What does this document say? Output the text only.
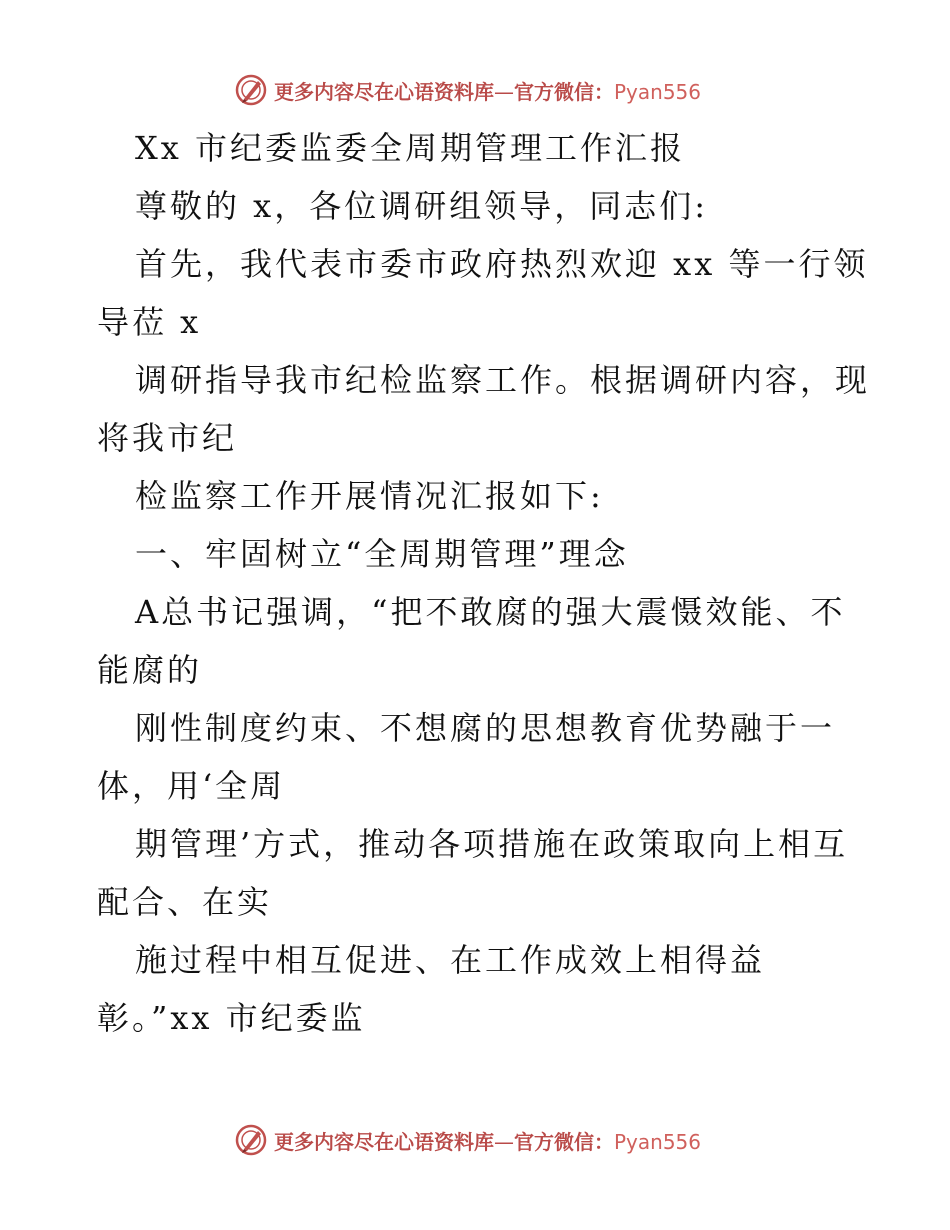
更多内容尽在心语资料库—官方微信：Pyan556
Xx 市纪委监委全周期管理工作汇报
尊敬的 x，各位调研组领导，同志们:
首先，我代表市委市政府热烈欢迎 xx 等一行领
导莅 x
调研指导我市纪检监察工作。根据调研内容，现
将我市纪
检监察工作开展情况汇报如下:
一、牢固树立“全周期管理”理念
A总书记强调，“把不敢腐的强大震慑效能、不
能腐的
刚性制度约束、不想腐的思想教育优势融于一
体，用‘全周
期管理’方式，推动各项措施在政策取向上相互
配合、在实
施过程中相互促进、在工作成效上相得益
彰。”xx 市纪委监
更多内容尽在心语资料库—官方微信：Pyan556
